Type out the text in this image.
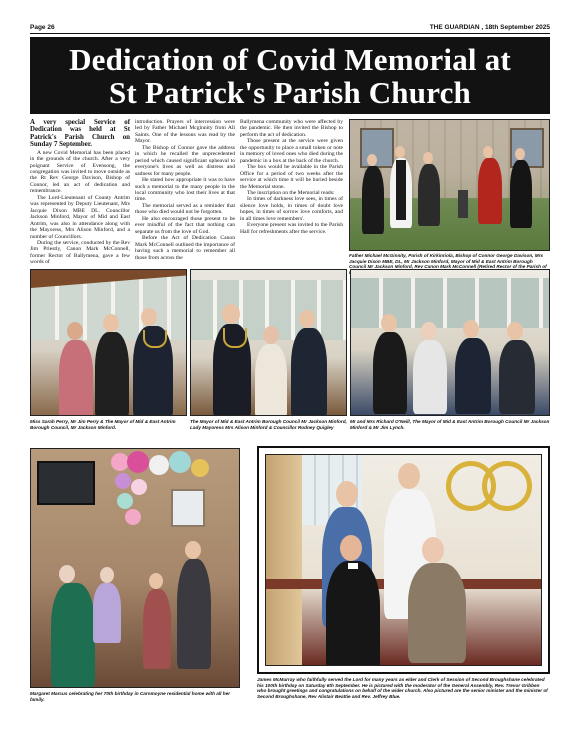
Page 26	THE GUARDIAN , 18th September 2025
Dedication of Covid Memorial at
St Patrick's Parish Church

A very special Service of Dedication was held at St Patrick's Parish Church on Sunday 7 September.

A new Covid Memorial has been placed in the grounds of the church. After a very poignant Service of Evensong, the congregation was invited to move outside as the Rt Rev George Davison, Bishop of Connor, led an act of dedication and remembrance.

The Lord-Lieutenant of County Antrim was represented by Deputy Lieutenant, Mrs Jacquie Dixon MBE DL. Councillor Jackson Minford, Mayor of Mid and East Antrim, was also in attendance along with the Mayoress, Mrs Alison Minford, and a number of Councillors.

During the service, conducted by the Rev Jim Priestly, Canon Mark McConnell, former Rector of Ballymena, gave a few words of

introduction. Prayers of intercession were led by Father Michael Mcginnity from All Saints. One of the lessons was read by the Mayor.

The Bishop of Connor gave the address in which he recalled the unprecedented period which caused significant upheaval to everyone's lives as well as distress and sadness for many people.

He stated how appropriate it was to have such a memorial to the many people in the local community who lost their lives at that time.

The memorial served as a reminder that those who died would not be forgotten.

He also encouraged those present to be ever mindful of the fact that nothing can separate us from the love of God.

Before the Act of Dedication Canon Mark McConnell outlined the importance of having such a memorial to remember all those from across the

Ballymena community who were affected by the pandemic. He then invited the Bishop to perform the act of dedication.

Those present at the service were given the opportunity to place a small token or note in memory of loved ones who died during the pandemic in a box at the back of the church.

The box would be available in the Parish Office for a period of two weeks after the service at which time it will be buried beside the Memorial stone.

The inscription on the Memorial reads:

In times of darkness love sees, in times of silence love holds, in times of doubt love hopes, in times of sorrow love comforts, and in all times love remembers'.

Everyone present was invited to the Parish Hall for refreshments after the service.

Father Michael McGinnity, Parish of Kirkinriola, Bishop of Connor George Davison, Mrs Jacquie Dixon MBE, DL, Mr Jackson Minford, Mayor of Mid & East Antrim Borough Council Mr Jackson Minford, Rev Canon Mark McConnell (Retired Rector of the Parish of
Miss Sarah Perry, Mr Jim Perry & The Mayor of Mid & East Antrim Borough Council, Mr Jackson Minford.
The Mayor of Mid & East Antrim Borough Council Mr Jackson Minford, Lady Mayoress Mrs Alison Minford & Councillor Rodney Quigley
Mr and Mrs Richard O'Neill, The Mayor of Mid & East Antrim Borough Council Mr Jackson Minford & Mr Jim Lynch.
Margaret Marcus celebrating her 70th birthday in Carnmoyne residential home with all her family.
James McMurray who faithfully served the Lord for many years as elder and Clerk of Session of Second Broughshane celebrated his 100th birthday on Saturday 6th September. He is pictured with the moderator of the General Assembly, Rev. Trevor Gribben who brought greetings and congratulations on behalf of the wider church. Also pictured are the senior minister and the minister of Second Broughshane, Rev Alistair Beattie and Rev. Jeffrey Blue.
